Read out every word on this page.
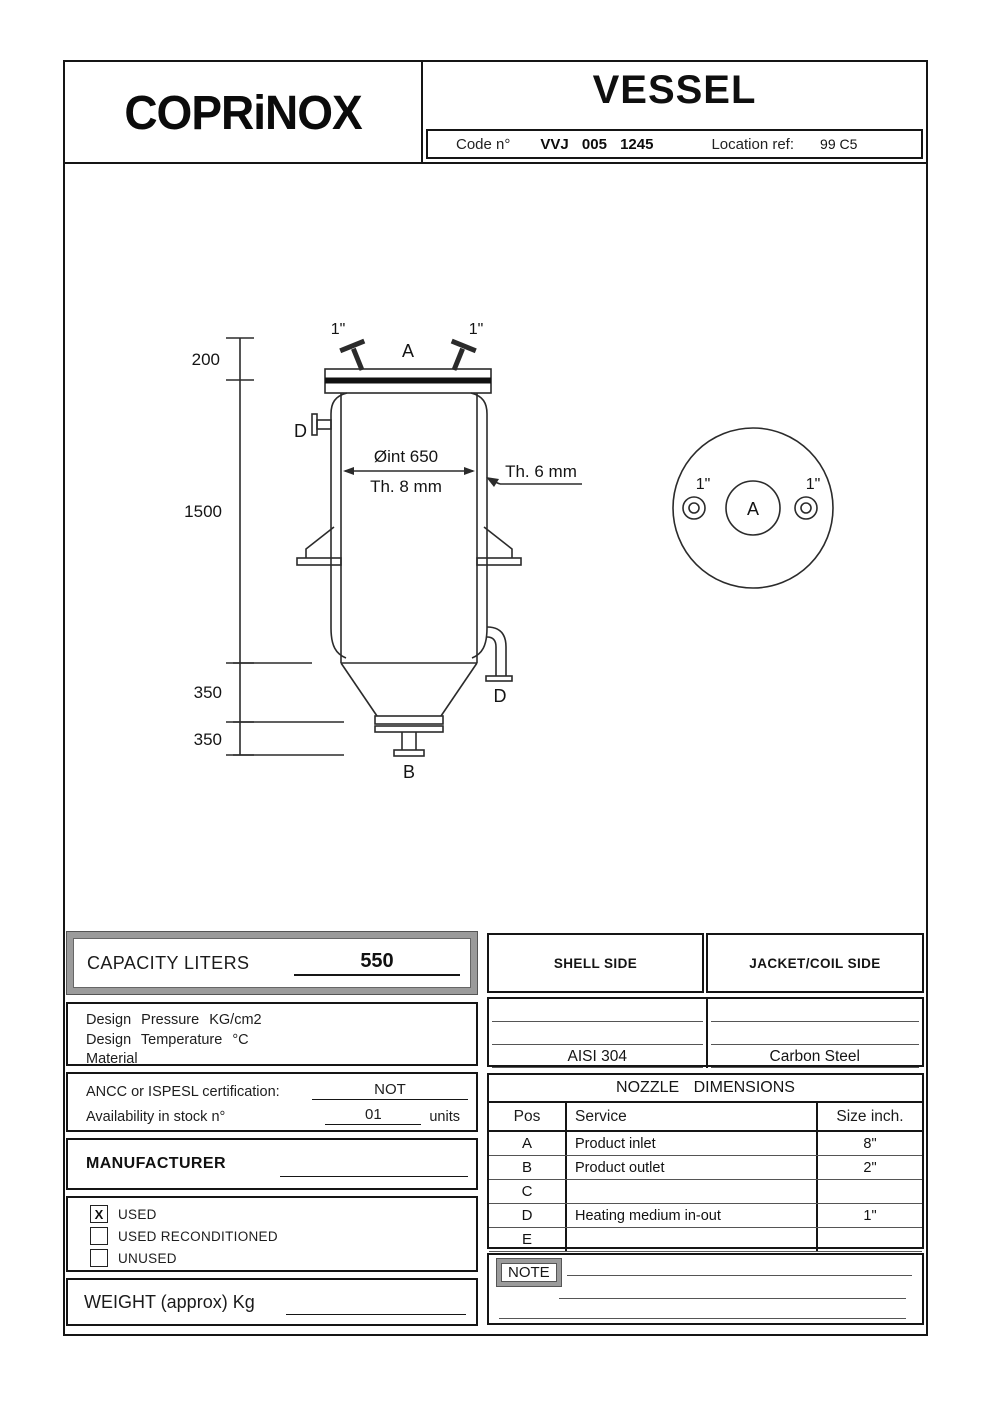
COPRiNOX	VESSEL
Code n° VVJ 005 1245	Location ref: 99 C5
200
1500
350
350
1"	1"
A
D
Øint 650
Th. 8 mm
Th. 6 mm
B
D
A
1"	1"
CAPACITY LITERS	550
Design Pressure KG/cm2
Design Temperature °C
Material
ANCC or ISPESL certification:	NOT
Availability in stock n°	01	units
MANUFACTURER
X	USED
USED RECONDITIONED
UNUSED
WEIGHT (approx) Kg
SHELL SIDE	JACKET/COIL SIDE
AISI 304	Carbon Steel
NOZZLE DIMENSIONS
Pos	Service	Size inch.
A	Product inlet	8"
B	Product outlet	2"
C
D	Heating medium in-out	1"
E
NOTE
